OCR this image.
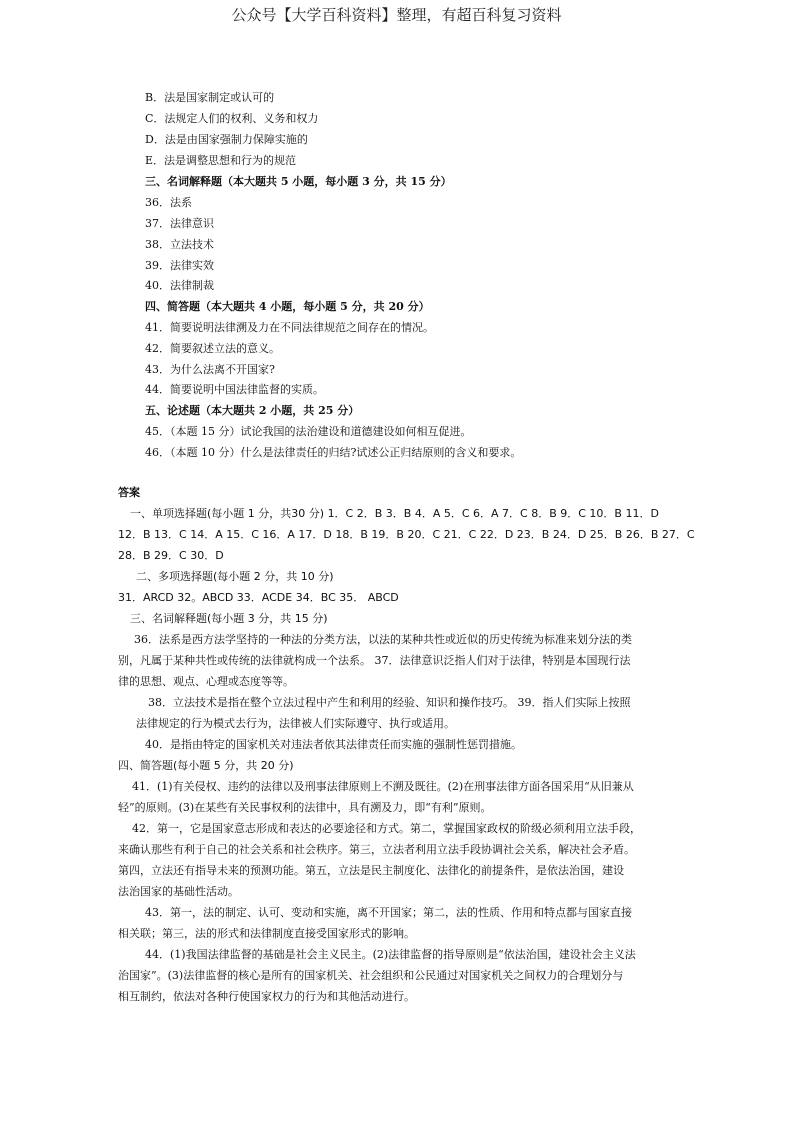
公众号【大学百科资料】整理，有超百科复习资料
B．法是国家制定或认可的
C．法规定人们的权利、义务和权力
D．法是由国家强制力保障实施的
E．法是调整思想和行为的规范
三、名词解释题（本大题共 5 小题，每小题 3 分，共 15 分）
36．法系
37．法律意识
38．立法技术
39．法律实效
40．法律制裁
四、简答题（本大题共 4 小题，每小题 5 分，共 20 分）
41．简要说明法律溯及力在不同法律规范之间存在的情况。
42．简要叙述立法的意义。
43．为什么法离不开国家?
44．简要说明中国法律监督的实质。
五、论述题（本大题共 2 小题，共 25 分）
45．（本题 15 分）试论我国的法治建设和道德建设如何相互促进。
46．（本题 10 分）什么是法律责任的归结?试述公正归结原则的含义和要求。
答案
一、单项选择题(每小题 1 分，共30 分) 1．C 2．B 3．B 4．A 5．C 6．A 7．C 8．B 9．C 10．B 11．D
12．B 13．C 14．A 15．C 16．A 17．D 18．B 19．B 20．C 21．C 22．D 23．B 24．D 25．B 26．B 27．C
28．B 29．C 30．D
二、多项选择题(每小题 2 分，共 10 分)
31．ARCD 32。ABCD 33．ACDE 34．BC 35． ABCD
三、名词解释题(每小题 3 分，共 15 分)
36．法系是西方法学坚持的一种法的分类方法，以法的某种共性或近似的历史传统为标准来划分法的类
别，凡属于某种共性或传统的法律就构成一个法系。 37．法律意识泛指人们对于法律，特别是本国现行法
律的思想、观点、心理或态度等等。
38．立法技术是指在整个立法过程中产生和利用的经验、知识和操作技巧。 39．指人们实际上按照
法律规定的行为模式去行为，法律被人们实际遵守、执行或适用。
40．是指由特定的国家机关对违法者依其法律责任而实施的强制性惩罚措施。
四、简答题(每小题 5 分，共 20 分)
41．(1)有关侵权、违约的法律以及刑事法律原则上不溯及既往。(2)在刑事法律方面各国采用“从旧兼从
轻”的原则。(3)在某些有关民事权利的法律中，具有溯及力，即“有利”原则。
42．第一，它是国家意志形成和表达的必要途径和方式。第二，掌握国家政权的阶级必须利用立法手段，
来确认那些有利于自己的社会关系和社会秩序。第三，立法者利用立法手段协调社会关系，解决社会矛盾。
第四，立法还有指导未来的预测功能。第五，立法是民主制度化、法律化的前提条件，是依法治国，建设
法治国家的基础性活动。
43．第一，法的制定、认可、变动和实施，离不开国家；第二，法的性质、作用和特点都与国家直接
相关联；第三，法的形式和法律制度直接受国家形式的影响。
44．(1)我国法律监督的基础是社会主义民主。(2)法律监督的指导原则是“依法治国，建设社会主义法
治国家”。(3)法律监督的核心是所有的国家机关、社会组织和公民通过对国家机关之间权力的合理划分与
相互制约，依法对各种行使国家权力的行为和其他活动进行。
